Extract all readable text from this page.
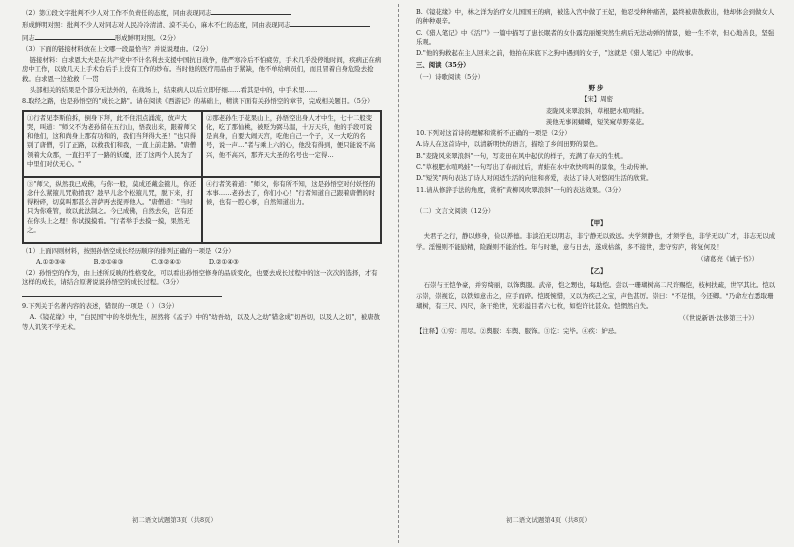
（2）第①段文字批判不少人对工作不负责任的态度，同由表现同志

形成鲜明对照：批判不少人对同志对人民冷冷清清、漠不关心，麻木不仁的态度，同由表现同志

同志	形成鲜明对照。（2分）

（3）下面的链接材料放在上文哪一段最恰当？并说说理由。（2分）

链接材料：白求恩大夫是在共产党中不计名利去支援中国抗日战争，他严寒冷后不怕疲劳，手术几乎没停地时间，疾病正在病房中工作，以致几天上手术台后手上没有工作的纱布。当时他的医疗用品由于紧缺，他不单给病员们，而且冒着自身危险去抢救。白求恩一边抢救「一贯

头部相关的结果是个部分无法外的，在战场上，结束病人以后立即仔细……看其是中的，中手术里……

8.取经之路，也是孙悟空的"成长之路"。请在阅读《西游记》的基础上，精读下面有关孙悟空的章节，完成相关题目。（5分）

①行者见李斯伯拆，倒身下拜，此不住泪点涌流，放声大哭，叫道："师父不为老孙留在五行山，悟我出来，跟着师父和他们，这和尚身上那有功和的，我们当拜得大圣！"也只得别了唐僧，引了正路，以救我们和我，一直上前走路。"唐僧领着大众那，一直扫平了一路的妖魔，还了这两个人民为了中里们对伏无心。"
②那老孙生于花果山上，孙悟空出身人才中生，七十二般变化，吃了那仙桃，被贬为弼马温，十万天兵，他的手段可说是真身，自要大闹天宫，吃他自己一个子，又一大吃的名号，说一声…"者与乘上六的心，他没有得到，便只能说不高兴，他不高兴，那齐天大圣的名号也一定得…
③"师父，纵然我已成佛，与你一般，莫成还戴金箍儿，你还念什么紧箍儿咒勒掯我？趁早儿念个松箍儿咒，脱下来，打得粉碎，切莫叫那甚么菩萨再去捉弄他人。"唐僧道："当时只为你难管，故以此法制之。今已成佛，自然去矣，岂有还在你头上之理！你试摸摸看。"行者举手去摸一摸，果然无之。
④行者笑着道："师父，你有所不知，这是孙悟空对付妖怪的本事……老孙去了，你们小心！"行者知道自己跟着唐僧的时候，也有一腔心事，自然知道出力。

（1）上面四则材料，按照孙悟空成长经历顺序的排列正确的一项是（2分）

A.①②③④	B.②①④③	C.③②④①	D.②①④③

（2）孙悟空的作为，由上述所反映的性格变化，可以看出孙悟空修身的品质变化，也要去成长过程中的这一次次的选择，才有这样的成长，请结合原著说说孙悟空的成长过程。（3分）

9.下列关于名著内容的表述，错误的一项是（ ）（3分）

A.《镜花缘》中，"白民国"中的冬烘先生，居然将《孟子》中的"幼吾幼，以及人之幼"错念成"切吾切，以及人之切"，被唐敖等人讥笑不学无术。

初二语文试题第3页（共8页）

B.《镜花缘》中，林之洋为治疗女儿国国王的病，被选入宫中做了王妃，他忍受种种痛苦，最终被唐敖救出，他却体会到做女人的种种艰辛。

C.《猎人笔记》中《活尸》一篇中描写了患长眠者的女仆露克丽娅突然生病后无法动弹的情景，她一生不幸，但心地善良，坚强乐观。

D."他的狗救起在主人回来之前，他拍在床底下之狗中遇到的女子，"这就是《猎人笔记》中的故事。

三、阅读（35分）

（一）诗歌阅读（5分）

野步

【宋】周密

麦陇风来翠浪斜，草根肥水喧鸣蛙。

羡他无事闲蝴蝶，短笑窥草野菜花。

10.下列对这首诗的理解和赏析不正确的一项是（2分）

A.诗人在这首诗中，以清新明快的语言，描绘了乡间田野的景色。

B."麦陇风来翠浪斜"一句，写麦田在风中起伏的样子，充满了春天的生机。

C."草根肥水喧鸣蛙"一句写出了春雨过后，青蛙在水中欢快鸣叫的景象，生动传神。

D."短笑"两句表达了诗人对闲适生活的向往和喜爱，表达了诗人对悠闲生活的欣赏。

11.请从修辞手法的角度，赏析"黄柳风吹翠浪斜"一句的表达效果。（3分）

（二）文言文阅读（12分）

【甲】

夫君子之行，静以修身，俭以养德。非淡泊无以明志，非宁静无以致远。夫学须静也，才须学也，非学无以广才，非志无以成学。淫慢则不能励精，险躁则不能治性。年与时驰，意与日去，遂成枯落，多不接世，悲守穷庐，将复何及！

（诸葛亮《诫子书》）

【乙】

石崇与王恺争豪，并穷绮丽，以饰舆服。武帝，恺之甥也，每助恺。尝以一珊瑚树高二尺许赐恺，枝柯扶疏，世罕其比。恺以示崇，崇视讫，以铁如意击之，应手而碎。恺既惋惜，又以为疾己之宝，声色甚厉。崇曰："不足恨，今还卿。"乃命左右悉取珊瑚树，有三尺、四尺，条干绝世，光彩溢目者六七枚，如恺许比甚众。恺惘然自失。

（《世说新语·汰侈第三十》）

【注释】①穷：用尽。②舆服：车舆、服饰。③讫：完毕。④疾：妒忌。

初二语文试题第4页（共8页）
